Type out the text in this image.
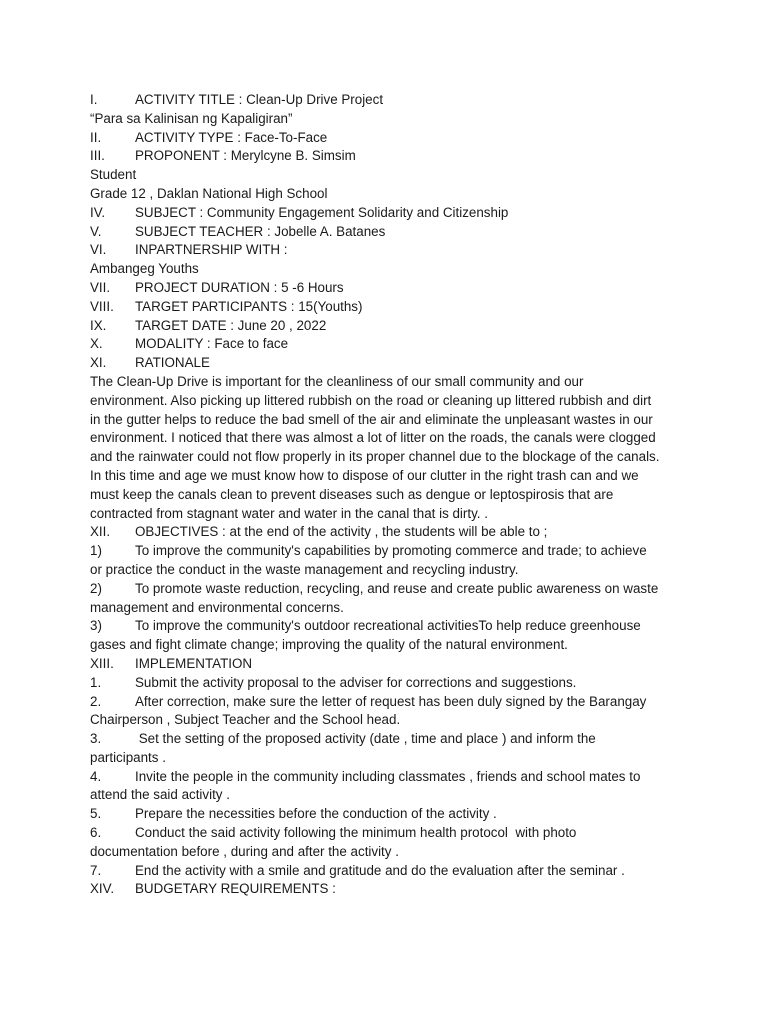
I.	ACTIVITY TITLE : Clean-Up Drive Project
“Para sa Kalinisan ng Kapaligiran”
II.	ACTIVITY TYPE : Face-To-Face
III.	PROPONENT : Merylcyne B. Simsim
Student
Grade 12 , Daklan National High School
IV.	SUBJECT : Community Engagement Solidarity and Citizenship
V.	SUBJECT TEACHER : Jobelle A. Batanes
VI.	INPARTNERSHIP WITH :
Ambangeg Youths
VII.	PROJECT DURATION : 5 -6 Hours
VIII.	TARGET PARTICIPANTS : 15(Youths)
IX.	TARGET DATE : June 20 , 2022
X.	MODALITY : Face to face
XI.	RATIONALE
The Clean-Up Drive is important for the cleanliness of our small community and our
environment. Also picking up littered rubbish on the road or cleaning up littered rubbish and dirt
in the gutter helps to reduce the bad smell of the air and eliminate the unpleasant wastes in our
environment. I noticed that there was almost a lot of litter on the roads, the canals were clogged
and the rainwater could not flow properly in its proper channel due to the blockage of the canals.
In this time and age we must know how to dispose of our clutter in the right trash can and we
must keep the canals clean to prevent diseases such as dengue or leptospirosis that are
contracted from stagnant water and water in the canal that is dirty. .
XII.	OBJECTIVES : at the end of the activity , the students will be able to ;
1)	To improve the community's capabilities by promoting commerce and trade; to achieve
or practice the conduct in the waste management and recycling industry.
2)	To promote waste reduction, recycling, and reuse and create public awareness on waste
management and environmental concerns.
3)	To improve the community's outdoor recreational activitiesTo help reduce greenhouse
gases and fight climate change; improving the quality of the natural environment.
XIII.	IMPLEMENTATION
1.	Submit the activity proposal to the adviser for corrections and suggestions.
2.	After correction, make sure the letter of request has been duly signed by the Barangay
Chairperson , Subject Teacher and the School head.
3.	Set the setting of the proposed activity (date , time and place ) and inform the
participants .
4.	Invite the people in the community including classmates , friends and school mates to
attend the said activity .
5.	Prepare the necessities before the conduction of the activity .
6.	Conduct the said activity following the minimum health protocol  with photo
documentation before , during and after the activity .
7.	End the activity with a smile and gratitude and do the evaluation after the seminar .
XIV.	BUDGETARY REQUIREMENTS :
